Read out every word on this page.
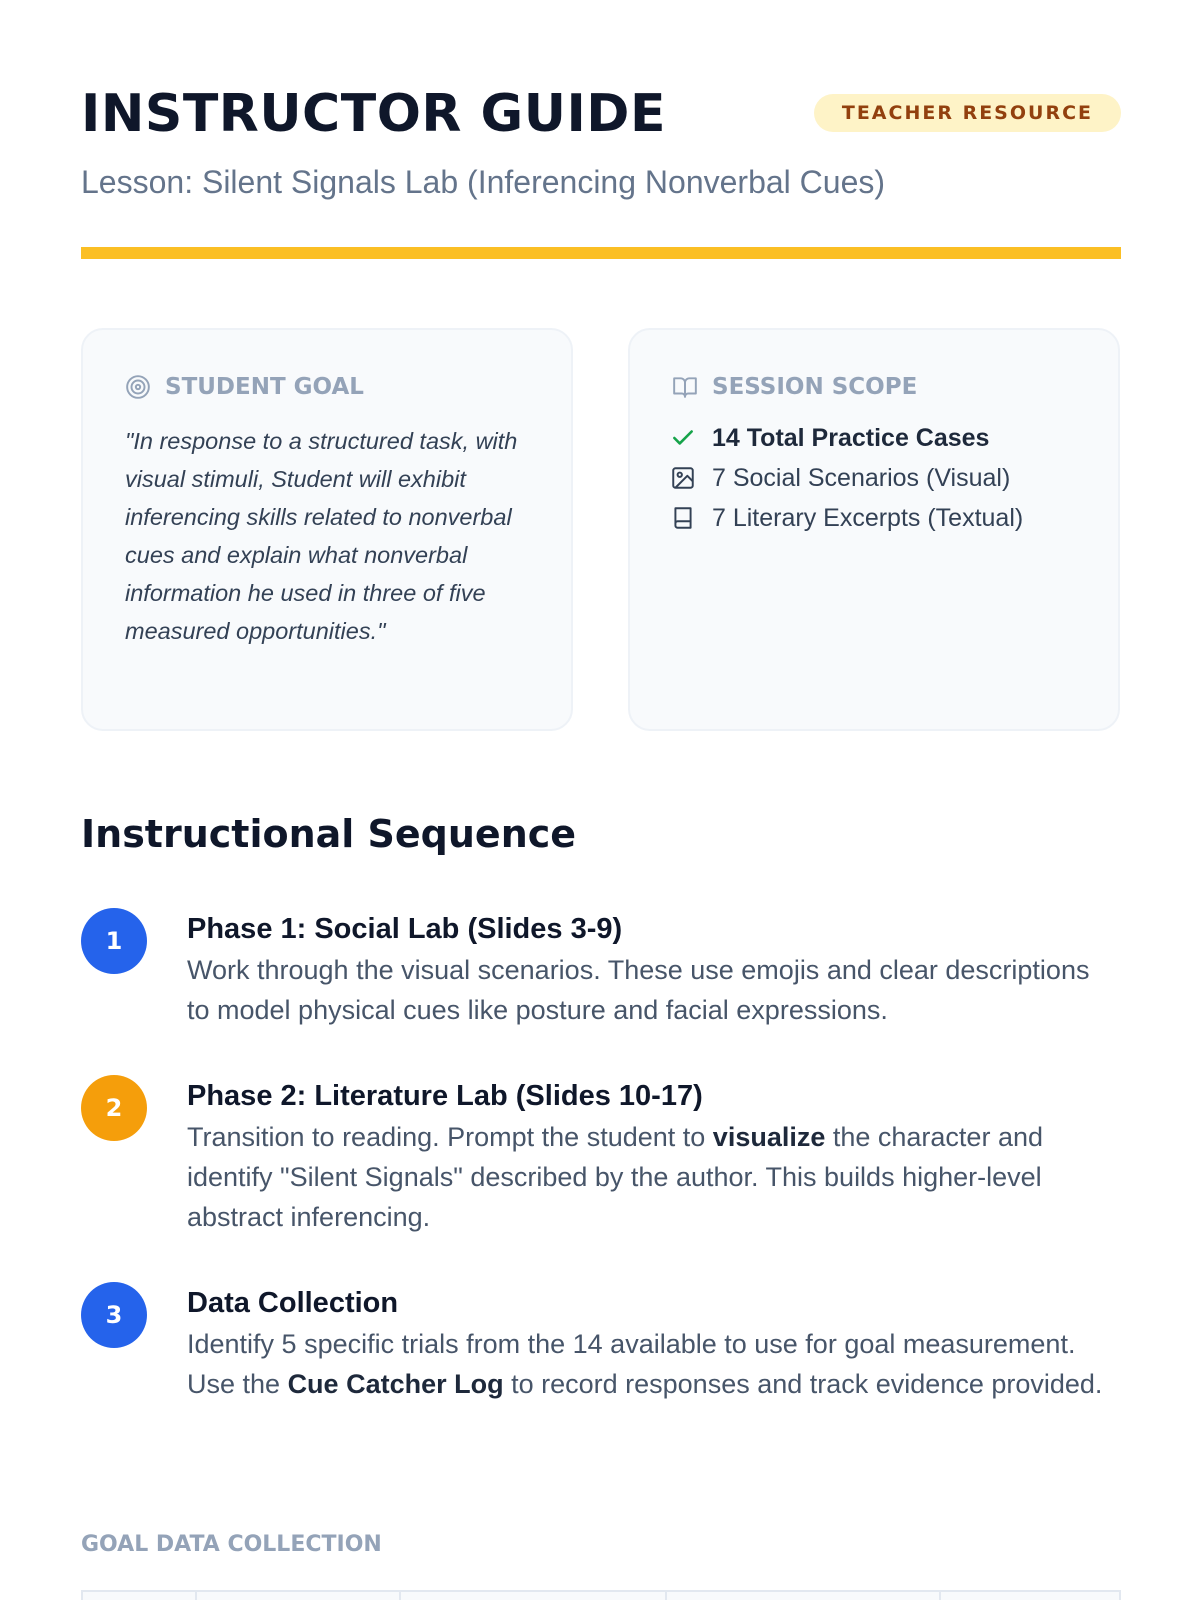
INSTRUCTOR GUIDE	TEACHER RESOURCE
Lesson: Silent Signals Lab (Inferencing Nonverbal Cues)
STUDENT GOAL

"In response to a structured task, with visual stimuli, Student will exhibit inferencing skills related to nonverbal cues and explain what nonverbal information he used in three of five measured opportunities."

SESSION SCOPE
14 Total Practice Cases
7 Social Scenarios (Visual)
7 Literary Excerpts (Textual)
Instructional Sequence
1	Phase 1: Social Lab (Slides 3-9)

Work through the visual scenarios. These use emojis and clear descriptions to model physical cues like posture and facial expressions.

2	Phase 2: Literature Lab (Slides 10-17)

Transition to reading. Prompt the student to visualize the character and identify "Silent Signals" described by the author. This builds higher-level abstract inferencing.

3	Data Collection

Identify 5 specific trials from the 14 available to use for goal measurement. Use the Cue Catcher Log to record responses and track evidence provided.

GOAL DATA COLLECTION
